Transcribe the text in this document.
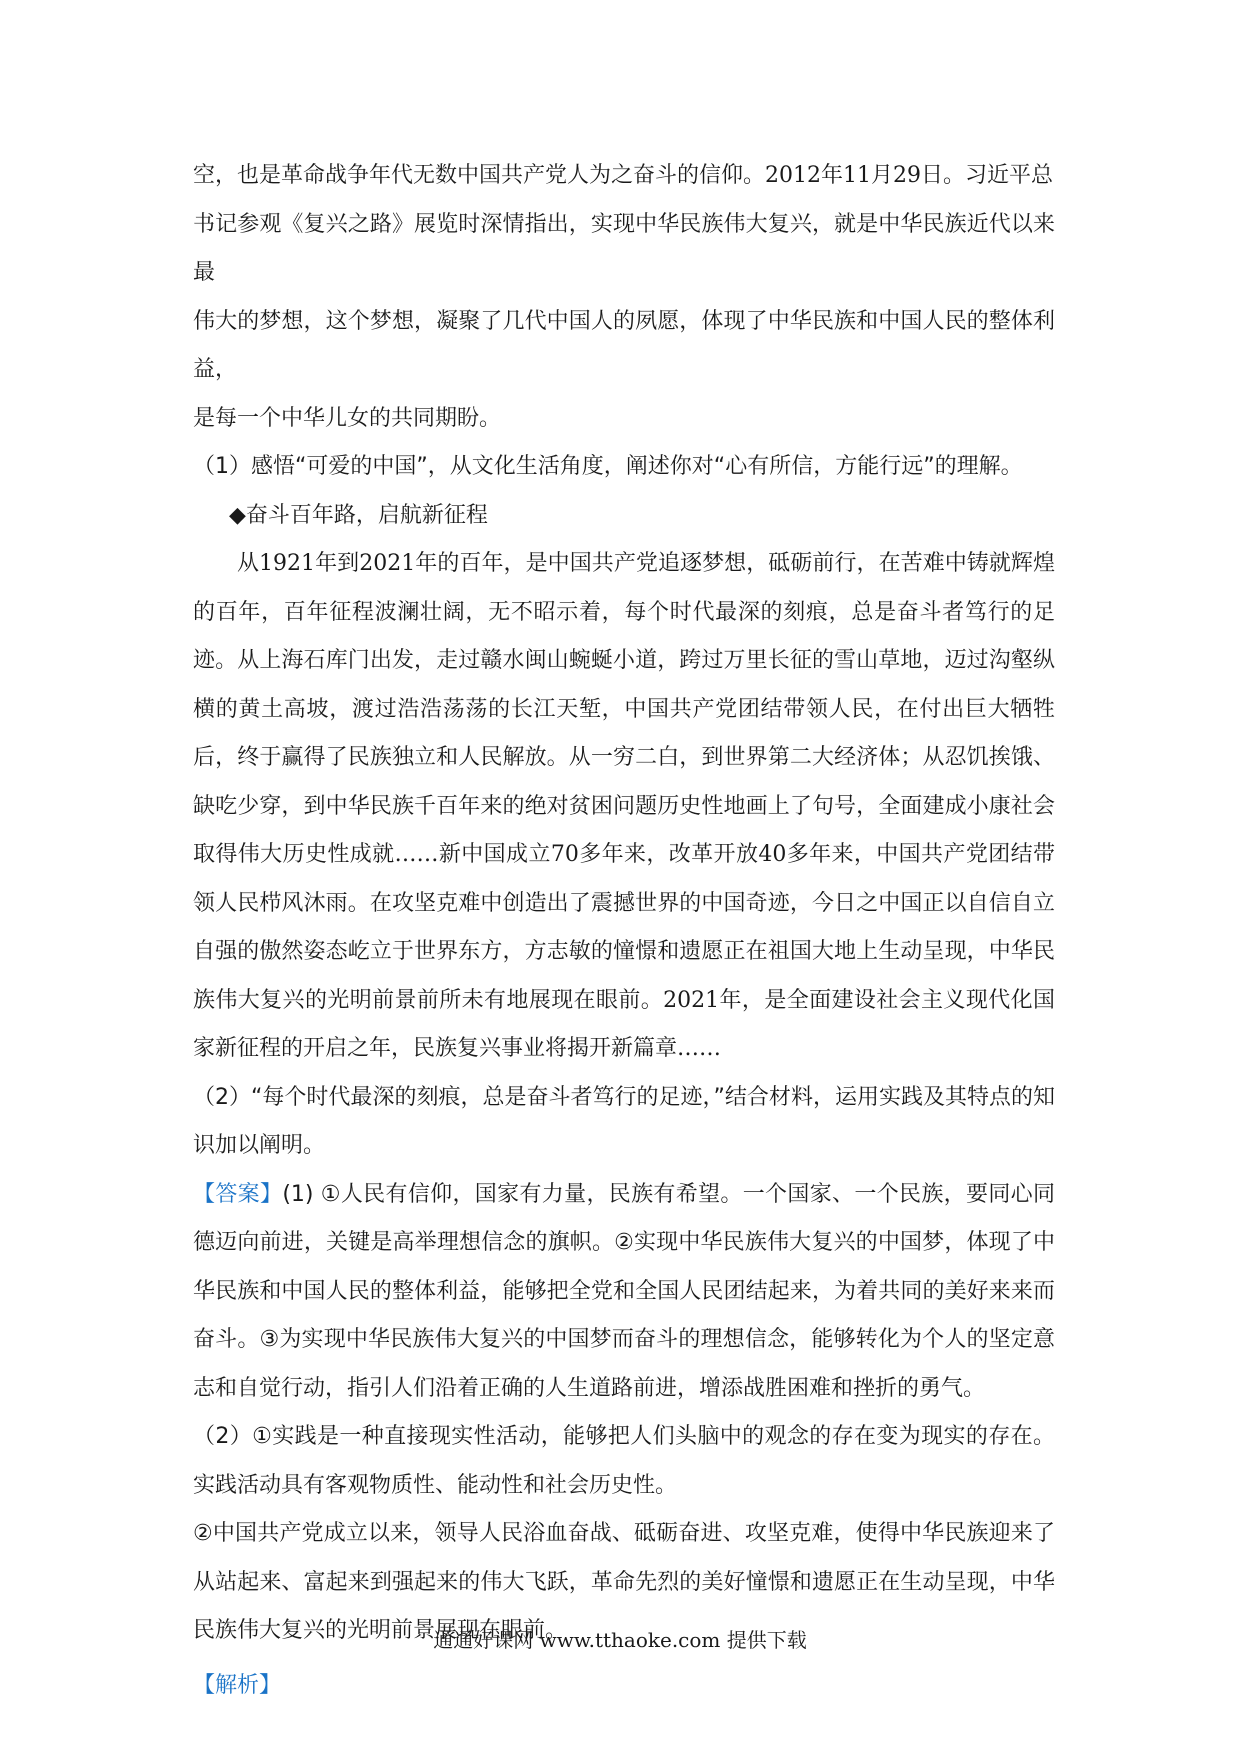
空，也是革命战争年代无数中国共产党人为之奋斗的信仰。2012年11月29日。习近平总

书记参观《复兴之路》展览时深情指出，实现中华民族伟大复兴，就是中华民族近代以来最

伟大的梦想，这个梦想，凝聚了几代中国人的夙愿，体现了中华民族和中国人民的整体利益，

是每一个中华儿女的共同期盼。

（1）感悟“可爱的中国”，从文化生活角度，阐述你对“心有所信，方能行远”的理解。

◆奋斗百年路，启航新征程

从1921年到2021年的百年，是中国共产党追逐梦想，砥砺前行，在苦难中铸就辉煌的百年，百年征程波澜壮阔，无不昭示着，每个时代最深的刻痕，总是奋斗者笃行的足迹。从上海石库门出发，走过赣水闽山蜿蜒小道，跨过万里长征的雪山草地，迈过沟壑纵横的黄土高坡，渡过浩浩荡荡的长江天堑，中国共产党团结带领人民，在付出巨大牺牲后，终于赢得了民族独立和人民解放。从一穷二白，到世界第二大经济体；从忍饥挨饿、缺吃少穿，到中华民族千百年来的绝对贫困问题历史性地画上了句号，全面建成小康社会取得伟大历史性成就……新中国成立70多年来，改革开放40多年来，中国共产党团结带领人民栉风沐雨。在攻坚克难中创造出了震撼世界的中国奇迹，今日之中国正以自信自立自强的傲然姿态屹立于世界东方，方志敏的憧憬和遗愿正在祖国大地上生动呈现，中华民族伟大复兴的光明前景前所未有地展现在眼前。2021年，是全面建设社会主义现代化国家新征程的开启之年，民族复兴事业将揭开新篇章……

（2）“每个时代最深的刻痕，总是奋斗者笃行的足迹，”结合材料，运用实践及其特点的知识加以阐明。

【答案】(1) ①人民有信仰，国家有力量，民族有希望。一个国家、一个民族，要同心同德迈向前进，关键是高举理想信念的旗帜。②实现中华民族伟大复兴的中国梦，体现了中华民族和中国人民的整体利益，能够把全党和全国人民团结起来，为着共同的美好来来而奋斗。③为实现中华民族伟大复兴的中国梦而奋斗的理想信念，能够转化为个人的坚定意志和自觉行动，指引人们沿着正确的人生道路前进，增添战胜困难和挫折的勇气。

（2）①实践是一种直接现实性活动，能够把人们头脑中的观念的存在变为现实的存在。实践活动具有客观物质性、能动性和社会历史性。

②中国共产党成立以来，领导人民浴血奋战、砥砺奋进、攻坚克难，使得中华民族迎来了从站起来、富起来到强起来的伟大飞跃，革命先烈的美好憧憬和遗愿正在生动呈现，中华民族伟大复兴的光明前景展现在眼前。

【解析】

通通好课网 www.tthaoke.com 提供下载
